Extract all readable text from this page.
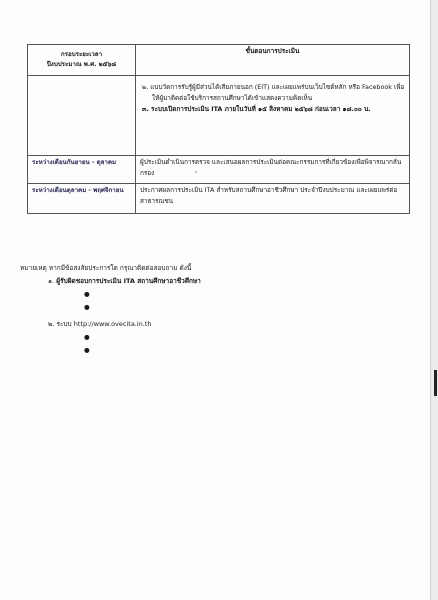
กรอบระยะเวลา
ปีงบประมาณ พ.ศ. ๒๕๖๘	ขั้นตอนการประเมิน

	๒. แบบวัดการรับรู้ผู้มีส่วนได้เสียภายนอก (EIT) และเผยแพร่บนเว็บไซต์หลัก หรือ Facebook เพื่อให้ผู้มาติดต่อใช้บริการสถานศึกษาได้เข้าแสดงความคิดเห็น
๓. ระบบเปิดการประเมิน ITA ภายในวันที่ ๑๕ สิงหาคม ๒๕๖๘ ก่อนเวลา ๑๘.๐๐ น.

ระหว่างเดือนกันยายน - ตุลาคม	ผู้ประเมินดำเนินการตรวจ และเสนอผลการประเมินต่อคณะกรรมการที่เกี่ยวข้องเพื่อพิจารณากลั่นกรอง *
ระหว่างเดือนตุลาคม - พฤศจิกายน	ประกาศผลการประเมิน ITA สำหรับสถานศึกษาอาชีวศึกษา ประจำปีงบประมาณ และเผยแพร่ต่อสาธารณชน
หมายเหตุ หากมีข้อสงสัยประการใด กรุณาติดต่อสอบถาม ดังนี้
๑. ผู้รับผิดชอบการประเมิน ITA สถานศึกษาอาชีวศึกษา
●
●
๒. ระบบ http://www.ovecita.in.th
●
●
